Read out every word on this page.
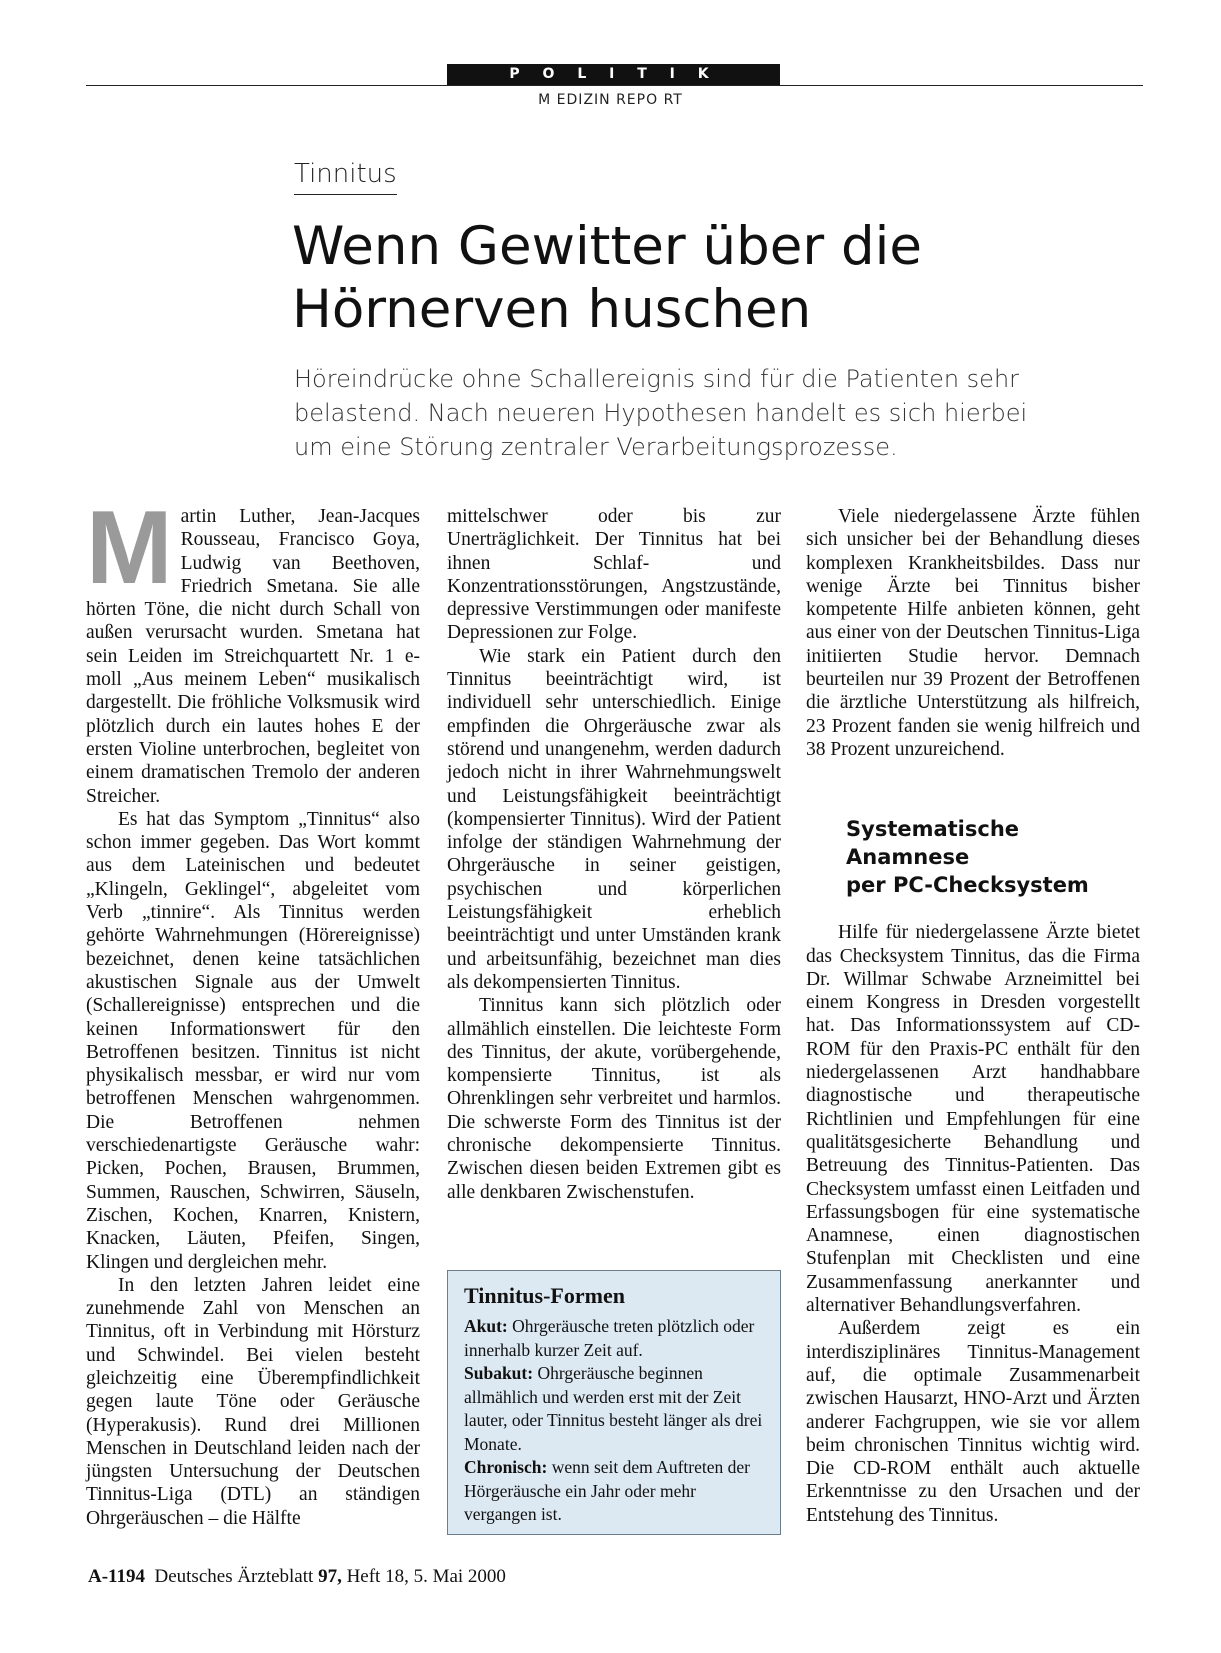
P O L I T I K
M EDIZIN REPO RT
Tinnitus
Wenn Gewitter über die
Hörnerven huschen

Höreindrücke ohne Schallereignis sind für die Patienten sehr belastend. Nach neueren Hypothesen handelt es sich hierbei um eine Störung zentraler Verarbeitungsprozesse.

Martin Luther, Jean-Jacques Rousseau, Francisco Goya, Ludwig van Beethoven, Friedrich Smetana. Sie alle hörten Töne, die nicht durch Schall von außen verursacht wurden. Smetana hat sein Leiden im Streichquartett Nr. 1 e-moll „Aus meinem Leben“ musikalisch dargestellt. Die fröhliche Volksmusik wird plötzlich durch ein lautes hohes E der ersten Violine unterbrochen, begleitet von einem dramatischen Tremolo der anderen Streicher.

Es hat das Symptom „Tinnitus“ also schon immer gegeben. Das Wort kommt aus dem Lateinischen und bedeutet „Klingeln, Geklingel“, abgeleitet vom Verb „tinnire“. Als Tinnitus werden gehörte Wahrnehmungen (Hörereignisse) bezeichnet, denen keine tatsächlichen akustischen Signale aus der Umwelt (Schallereignisse) entsprechen und die keinen Informationswert für den Betroffenen besitzen. Tinnitus ist nicht physikalisch messbar, er wird nur vom betroffenen Menschen wahrgenommen. Die Betroffenen nehmen verschiedenartigste Geräusche wahr: Picken, Pochen, Brausen, Brummen, Summen, Rauschen, Schwirren, Säuseln, Zischen, Kochen, Knarren, Knistern, Knacken, Läuten, Pfeifen, Singen, Klingen und dergleichen mehr.

In den letzten Jahren leidet eine zunehmende Zahl von Menschen an Tinnitus, oft in Verbindung mit Hörsturz und Schwindel. Bei vielen besteht gleichzeitig eine Überempfindlichkeit gegen laute Töne oder Geräusche (Hyperakusis). Rund drei Millionen Menschen in Deutschland leiden nach der jüngsten Untersuchung der Deutschen Tinnitus-Liga (DTL) an ständigen Ohrgeräuschen – die Hälfte

mittelschwer oder bis zur Unerträglichkeit. Der Tinnitus hat bei ihnen Schlaf- und Konzentrationsstörungen, Angstzustände, depressive Verstimmungen oder manifeste Depressionen zur Folge.

Wie stark ein Patient durch den Tinnitus beeinträchtigt wird, ist individuell sehr unterschiedlich. Einige empfinden die Ohrgeräusche zwar als störend und unangenehm, werden dadurch jedoch nicht in ihrer Wahrnehmungswelt und Leistungsfähigkeit beeinträchtigt (kompensierter Tinnitus). Wird der Patient infolge der ständigen Wahrnehmung der Ohrgeräusche in seiner geistigen, psychischen und körperlichen Leistungsfähigkeit erheblich beeinträchtigt und unter Umständen krank und arbeitsunfähig, bezeichnet man dies als dekompensierten Tinnitus.

Tinnitus kann sich plötzlich oder allmählich einstellen. Die leichteste Form des Tinnitus, der akute, vorübergehende, kompensierte Tinnitus, ist als Ohrenklingen sehr verbreitet und harmlos. Die schwerste Form des Tinnitus ist der chronische dekompensierte Tinnitus. Zwischen diesen beiden Extremen gibt es alle denkbaren Zwischenstufen.

Tinnitus-Formen

Akut: Ohrgeräusche treten plötzlich oder innerhalb kurzer Zeit auf.

Subakut: Ohrgeräusche beginnen allmählich und werden erst mit der Zeit lauter, oder Tinnitus besteht länger als drei Monate.

Chronisch: wenn seit dem Auftreten der Hörgeräusche ein Jahr oder mehr vergangen ist.

Viele niedergelassene Ärzte fühlen sich unsicher bei der Behandlung dieses komplexen Krankheitsbildes. Dass nur wenige Ärzte bei Tinnitus bisher kompetente Hilfe anbieten können, geht aus einer von der Deutschen Tinnitus-Liga initiierten Studie hervor. Demnach beurteilen nur 39 Prozent der Betroffenen die ärztliche Unterstützung als hilfreich, 23 Prozent fanden sie wenig hilfreich und 38 Prozent unzureichend.

Systematische Anamnese
per PC-Checksystem

Hilfe für niedergelassene Ärzte bietet das Checksystem Tinnitus, das die Firma Dr. Willmar Schwabe Arzneimittel bei einem Kongress in Dresden vorgestellt hat. Das Informationssystem auf CD-ROM für den Praxis-PC enthält für den niedergelassenen Arzt handhabbare diagnostische und therapeutische Richtlinien und Empfehlungen für eine qualitätsgesicherte Behandlung und Betreuung des Tinnitus-Patienten. Das Checksystem umfasst einen Leitfaden und Erfassungsbogen für eine systematische Anamnese, einen diagnostischen Stufenplan mit Checklisten und eine Zusammenfassung anerkannter und alternativer Behandlungsverfahren.

Außerdem zeigt es ein interdisziplinäres Tinnitus-Management auf, die optimale Zusammenarbeit zwischen Hausarzt, HNO-Arzt und Ärzten anderer Fachgruppen, wie sie vor allem beim chronischen Tinnitus wichtig wird. Die CD-ROM enthält auch aktuelle Erkenntnisse zu den Ursachen und der Entstehung des Tinnitus.

A-1194 Deutsches Ärzteblatt 97, Heft 18, 5. Mai 2000
